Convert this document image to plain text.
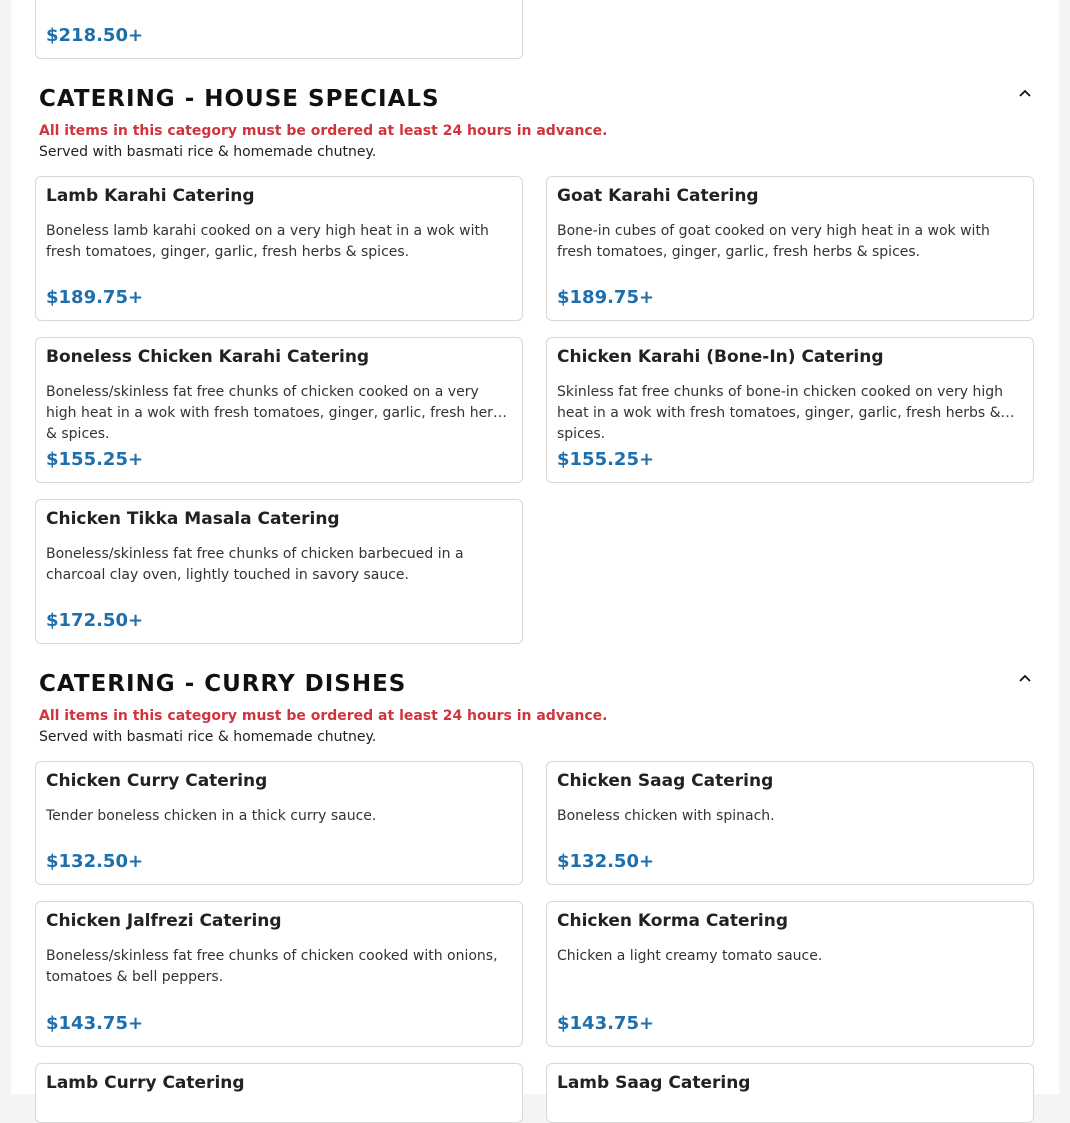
$218.50+
CATERING - HOUSE SPECIALS
All items in this category must be ordered at least 24 hours in advance.
Served with basmati rice & homemade chutney.
Lamb Karahi Catering
Boneless lamb karahi cooked on a very high heat in a wok with fresh tomatoes, ginger, garlic, fresh herbs & spices.
$189.75+
Goat Karahi Catering
Bone-in cubes of goat cooked on very high heat in a wok with fresh tomatoes, ginger, garlic, fresh herbs & spices.
$189.75+
Boneless Chicken Karahi Catering
Boneless/skinless fat free chunks of chicken cooked on a very high heat in a wok with fresh tomatoes, ginger, garlic, fresh herbs & spices.
$155.25+
Chicken Karahi (Bone-In) Catering
Skinless fat free chunks of bone-in chicken cooked on very high heat in a wok with fresh tomatoes, ginger, garlic, fresh herbs & spices.
$155.25+
Chicken Tikka Masala Catering
Boneless/skinless fat free chunks of chicken barbecued in a charcoal clay oven, lightly touched in savory sauce.
$172.50+
CATERING - CURRY DISHES
All items in this category must be ordered at least 24 hours in advance.
Served with basmati rice & homemade chutney.
Chicken Curry Catering
Tender boneless chicken in a thick curry sauce.
$132.50+
Chicken Saag Catering
Boneless chicken with spinach.
$132.50+
Chicken Jalfrezi Catering
Boneless/skinless fat free chunks of chicken cooked with onions, tomatoes & bell peppers.
$143.75+
Chicken Korma Catering
Chicken a light creamy tomato sauce.
$143.75+
Lamb Curry Catering	Lamb Saag Catering
